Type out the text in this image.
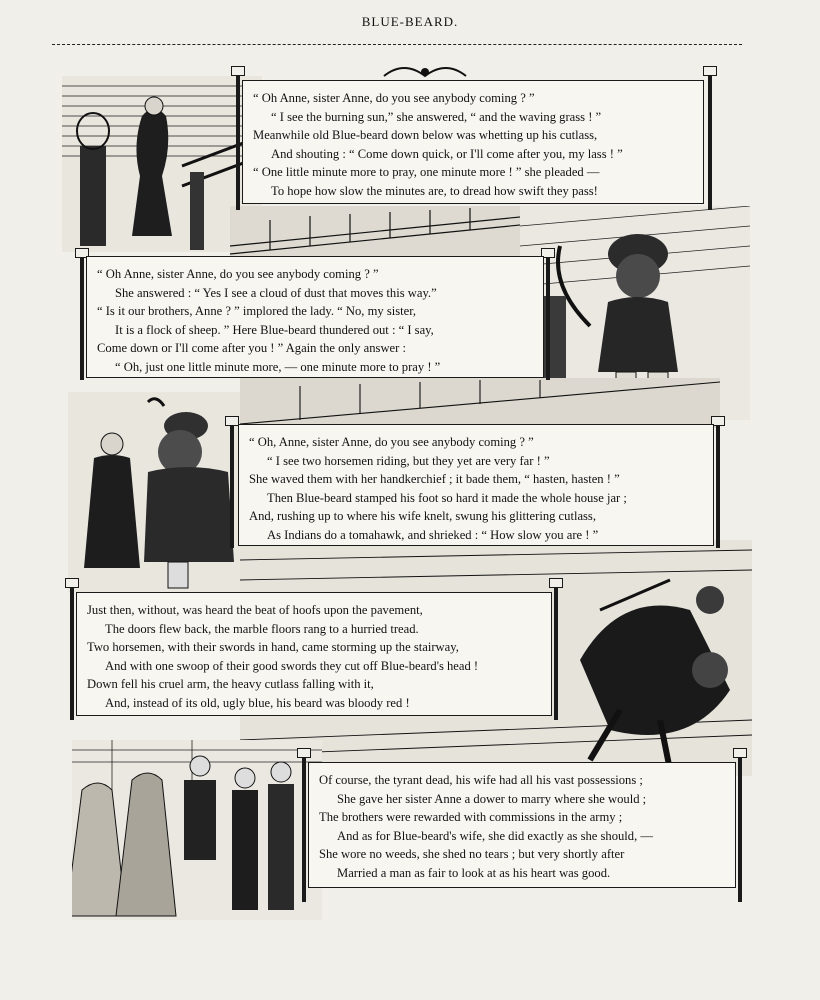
BLUE-BEARD.
“ Oh Anne, sister Anne, do you see anybody coming ? ”
“ I see the burning sun,” she answered, “ and the waving grass ! ”
Meanwhile old Blue-beard down below was whetting up his cutlass,
And shouting : “ Come down quick, or I'll come after you, my lass ! ”
“ One little minute more to pray, one minute more ! ” she pleaded —
To hope how slow the minutes are, to dread how swift they pass!
“ Oh Anne, sister Anne, do you see anybody coming ? ”
She answered : “ Yes I see a cloud of dust that moves this way.”
“ Is it our brothers, Anne ? ” implored the lady. “ No, my sister,
It is a flock of sheep. ” Here Blue-beard thundered out : “ I say,
Come down or I'll come after you ! ” Again the only answer :
“ Oh, just one little minute more, — one minute more to pray ! ”
“ Oh, Anne, sister Anne, do you see anybody coming ? ”
“ I see two horsemen riding, but they yet are very far ! ”
She waved them with her handkerchief ; it bade them, “ hasten, hasten ! ”
Then Blue-beard stamped his foot so hard it made the whole house jar ;
And, rushing up to where his wife knelt, swung his glittering cutlass,
As Indians do a tomahawk, and shrieked : “ How slow you are ! ”
Just then, without, was heard the beat of hoofs upon the pavement,
The doors flew back, the marble floors rang to a hurried tread.
Two horsemen, with their swords in hand, came storming up the stairway,
And with one swoop of their good swords they cut off Blue-beard's head !
Down fell his cruel arm, the heavy cutlass falling with it,
And, instead of its old, ugly blue, his beard was bloody red !
Of course, the tyrant dead, his wife had all his vast possessions ;
She gave her sister Anne a dower to marry where she would ;
The brothers were rewarded with commissions in the army ;
And as for Blue-beard's wife, she did exactly as she should, —
She wore no weeds, she shed no tears ; but very shortly after
Married a man as fair to look at as his heart was good.
